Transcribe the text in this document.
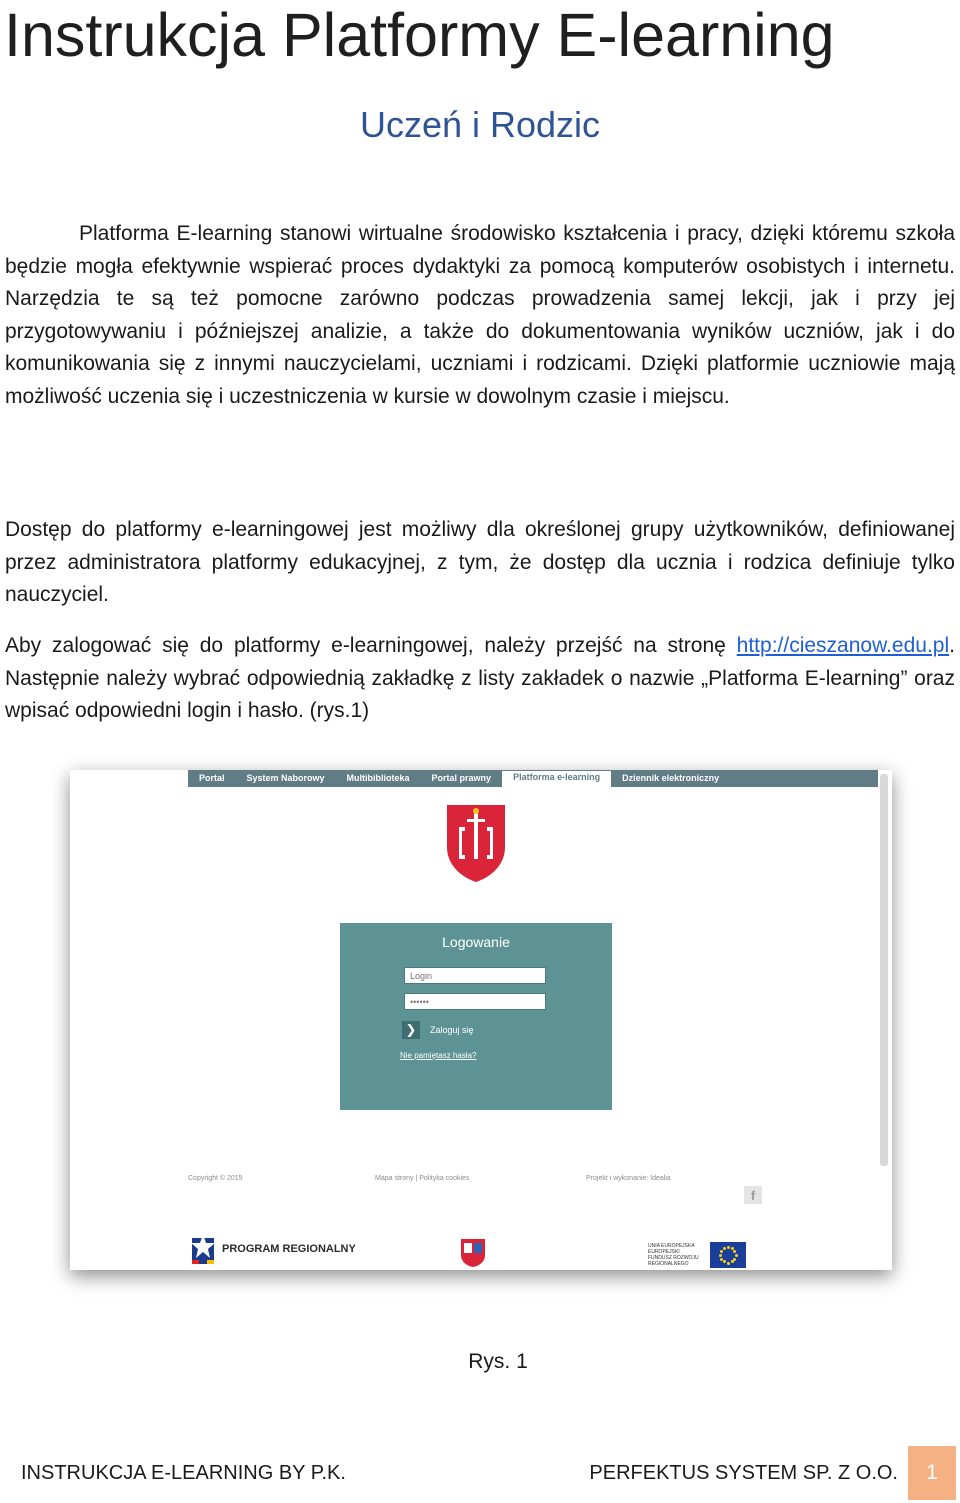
Instrukcja Platformy E-learning
Uczeń i Rodzic

Platforma E-learning stanowi wirtualne środowisko kształcenia i pracy, dzięki któremu szkoła będzie mogła efektywnie wspierać proces dydaktyki za pomocą komputerów osobistych i internetu. Narzędzia te są też pomocne zarówno podczas prowadzenia samej lekcji, jak i przy jej przygotowywaniu i późniejszej analizie, a także do dokumentowania wyników uczniów, jak i do komunikowania się z innymi nauczycielami, uczniami i rodzicami. Dzięki platformie uczniowie mają możliwość uczenia się i uczestniczenia w kursie w dowolnym czasie i miejscu.

Dostęp do platformy e-learningowej jest możliwy dla określonej grupy użytkowników, definiowanej przez administratora platformy edukacyjnej, z tym, że dostęp dla ucznia i rodzica definiuje tylko nauczyciel.

Aby zalogować się do platformy e-learningowej, należy przejść na stronę http://cieszanow.edu.pl. Następnie należy wybrać odpowiednią zakładkę z listy zakładek o nazwie „Platforma E-learning” oraz wpisać odpowiedni login i hasło. (rys.1)

Portal	System Naborowy	Multibiblioteka	Portal prawny	Platforma e-learning	Dziennik elektroniczny
Logowanie
Login
••••••
❯	Zaloguj się
Nie pamiętasz hasła?
Copyright © 2015	Mapa strony | Polityka cookies	Projekt i wykonanie: Idealia
f
PROGRAM REGIONALNY	UNIA EUROPEJSKA EUROPEJSKI FUNDUSZ ROZWOJU REGIONALNEGO
Rys. 1
INSTRUKCJA E-LEARNING BY P.K.	PERFEKTUS SYSTEM SP. Z O.O.	1
